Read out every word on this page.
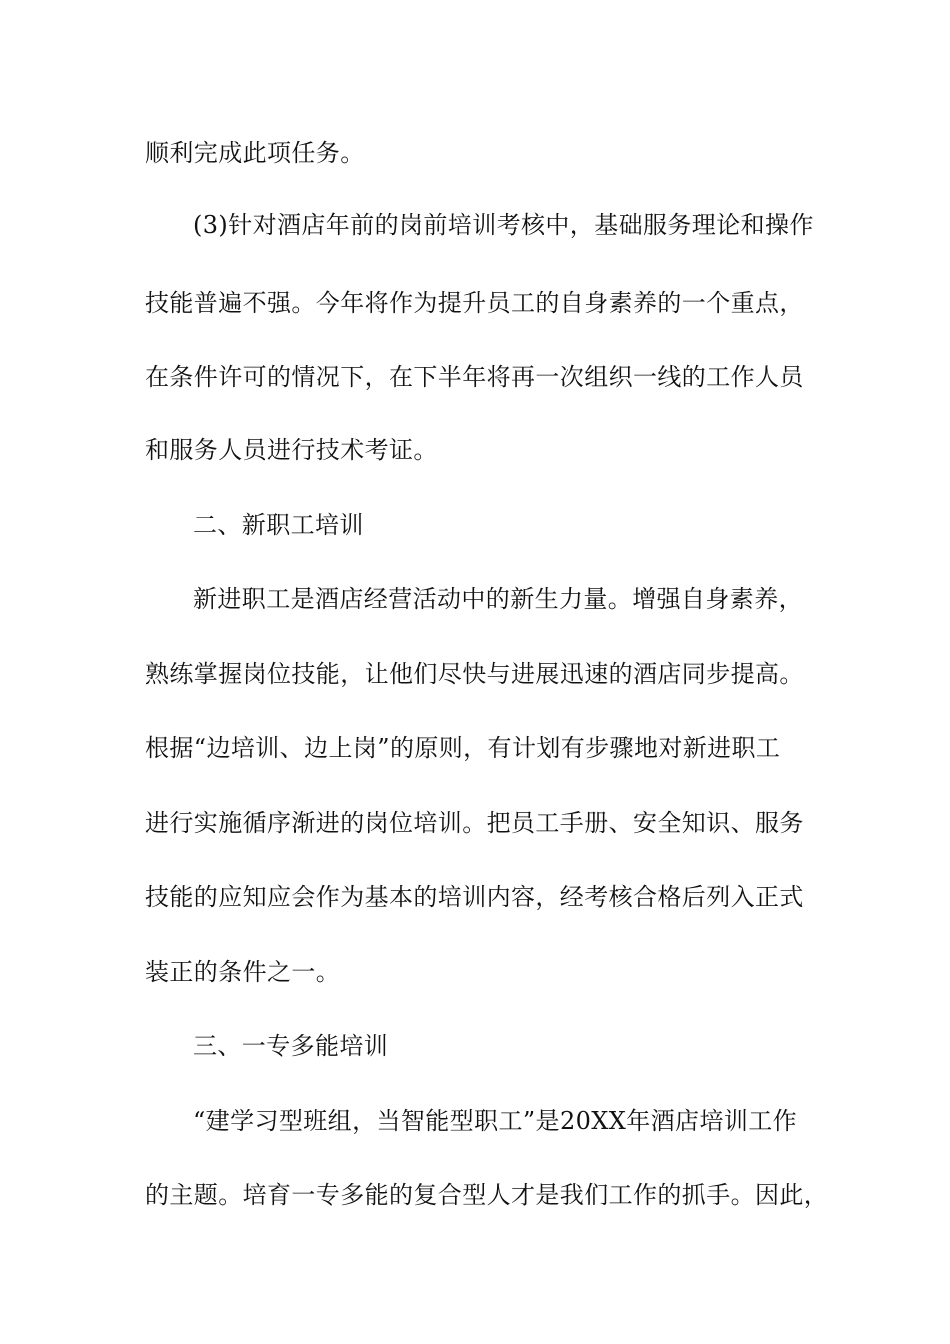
顺利完成此项任务。
(3)针对酒店年前的岗前培训考核中，基础服务理论和操作
技能普遍不强。今年将作为提升员工的自身素养的一个重点，
在条件许可的情况下，在下半年将再一次组织一线的工作人员
和服务人员进行技术考证。
二、新职工培训
新进职工是酒店经营活动中的新生力量。增强自身素养，
熟练掌握岗位技能，让他们尽快与进展迅速的酒店同步提高。
根据“边培训、边上岗”的原则，有计划有步骤地对新进职工
进行实施循序渐进的岗位培训。把员工手册、安全知识、服务
技能的应知应会作为基本的培训内容，经考核合格后列入正式
装正的条件之一。
三、一专多能培训
“建学习型班组，当智能型职工”是20XX年酒店培训工作
的主题。培育一专多能的复合型人才是我们工作的抓手。因此，
